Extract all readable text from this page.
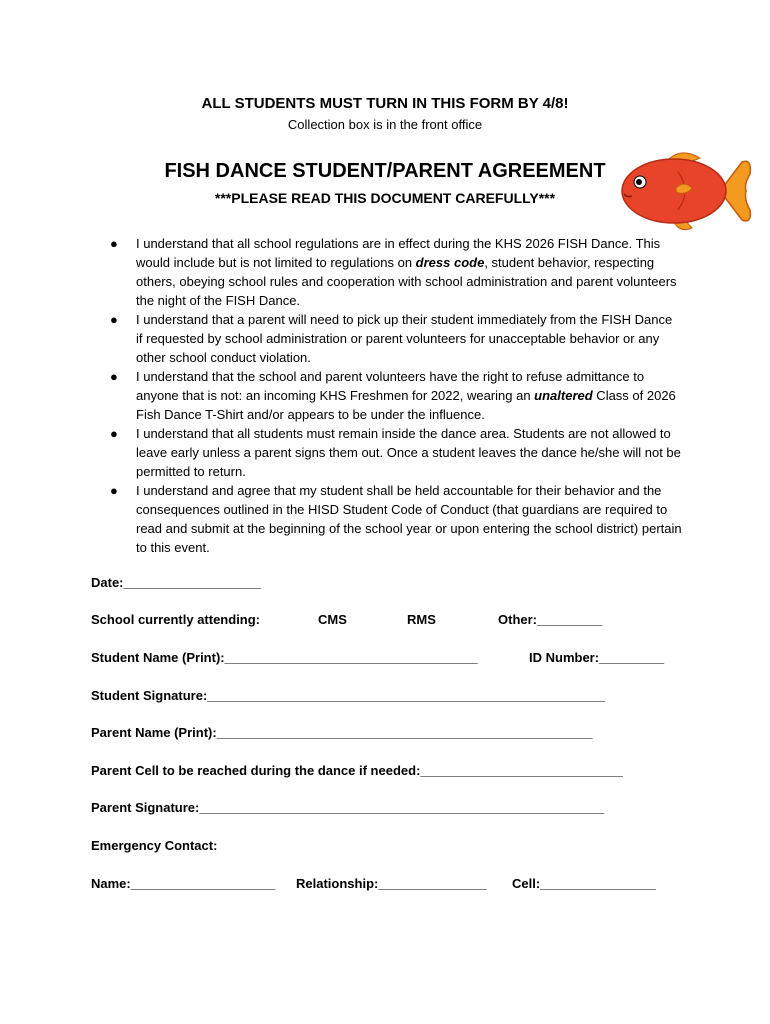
ALL STUDENTS MUST TURN IN THIS FORM BY 4/8!
Collection box is in the front office
FISH DANCE STUDENT/PARENT AGREEMENT
***PLEASE READ THIS DOCUMENT CAREFULLY***
●	I understand that all school regulations are in effect during the KHS 2026 FISH Dance. This would include but is not limited to regulations on dress code, student behavior, respecting others, obeying school rules and cooperation with school administration and parent volunteers the night of the FISH Dance.
●	I understand that a parent will need to pick up their student immediately from the FISH Dance if requested by school administration or parent volunteers for unacceptable behavior or any other school conduct violation.
●	I understand that the school and parent volunteers have the right to refuse admittance to anyone that is not: an incoming KHS Freshmen for 2022, wearing an unaltered Class of 2026 Fish Dance T-Shirt and/or appears to be under the influence.
●	I understand that all students must remain inside the dance area. Students are not allowed to leave early unless a parent signs them out. Once a student leaves the dance he/she will not be permitted to return.
●	I understand and agree that my student shall be held accountable for their behavior and the consequences outlined in the HISD Student Code of Conduct (that guardians are required to read and submit at the beginning of the school year or upon entering the school district) pertain to this event.
Date:___________________
School currently attending:	CMS	RMS	Other:_________
Student Name (Print):___________________________________	ID Number:_________
Student Signature:_______________________________________________________
Parent Name (Print):____________________________________________________
Parent Cell to be reached during the dance if needed:____________________________
Parent Signature:________________________________________________________
Emergency Contact:
Name:____________________ Relationship:_______________ Cell:________________
